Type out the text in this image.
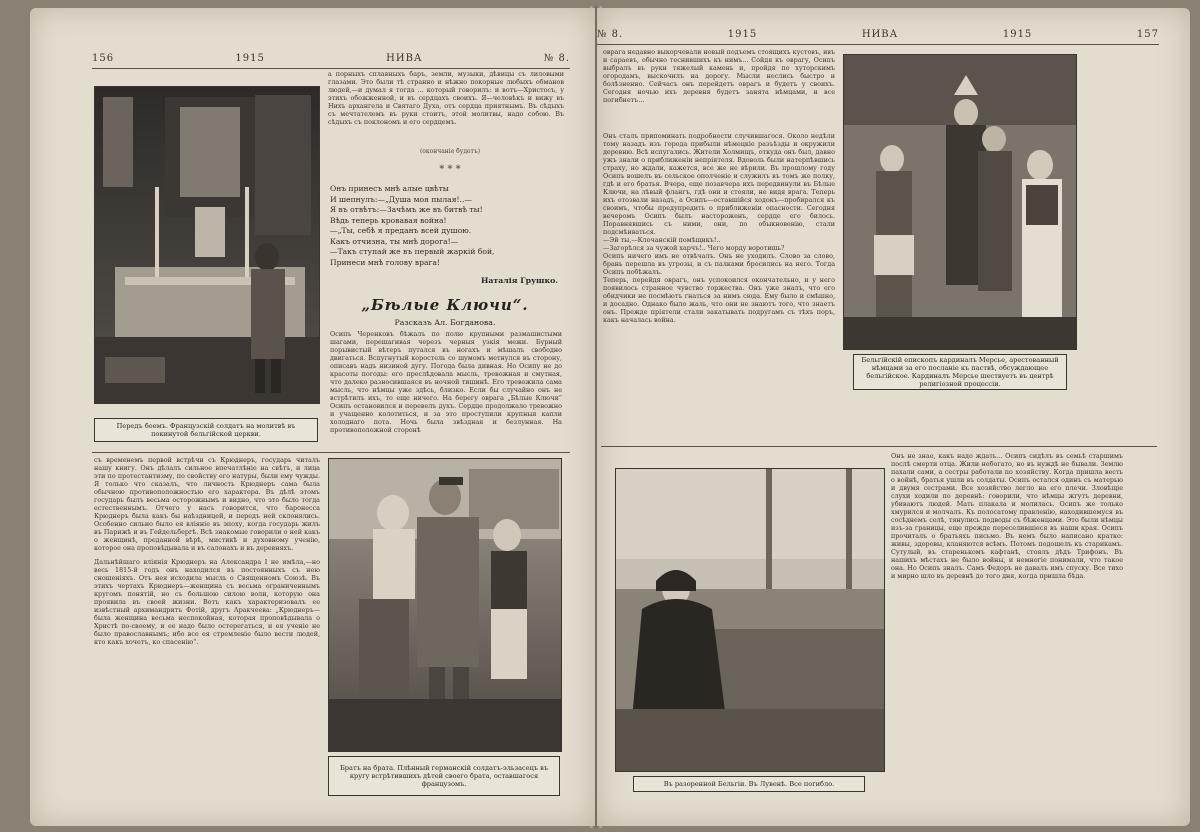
156	1915	НИВА	№ 8.
Передъ боемъ. Французскій солдатъ на молитвѣ въ покинутой бельгійской церкви.
а порныхъ сплавныхъ баръ, земли, музыки, дѣвицы съ лиловыми глазами. Это были тѣ странно и нѣжно покорные любыхъ обманов людей,—и думал я тогда ... который говорилъ: и вотъ—Христосъ, у этихъ обожженной, и въ сердцахъ своихъ. Я—человѣкъ и вижу въ Нихъ архангела и Святаго Духа, отъ сердца приятнымъ. Въ сѣдыхъ съ мечтателемъ въ руки стоитъ, этой молитвы, надо собою. Въ сѣдыхъ съ поклономъ и его сердцемъ.
(окончаніе будетъ)
* * *
Онъ принесъ мнѣ алые цвѣты
И шепнулъ:—„Душа моя пылая!..—
Я въ отвѣтъ:—Зачѣмъ же въ битвѣ ты!
Вѣдь теперь кровавая война!
—„Ты, себѣ я преданъ всей душою.
Какъ отчизна, ты мнѣ дорога!—
—Такъ ступай же въ первый жаркій бой,
Принеси мнѣ голову врага!
Наталія Грушко.
„Бѣлые Ключи“.
Разсказъ Ал. Богданова.
Осипъ Черенковъ бѣжалъ по полю крупными размашистыми шагами, перешагивая черезъ черныя узкія межи. Бурный порывистый вѣтеръ путался въ ногахъ и мѣшалъ свободно двигаться. Вспугнутый коростель со шумомъ метнулся въ сторону, описавъ надъ низиной дугу. Погода была дивная. Но Осипу не до красоты погоды: его преслѣдовала мысль, тревожная и смутная, что далеко разносившаяся въ ночной тишинѣ. Его тревожила сама мысль, что нѣмцы уже здѣсь, близко. Если бы случайно онъ не встрѣтилъ ихъ, то еще ничего. На берегу оврага „Бѣлые Ключи“ Осипъ остановился и перевелъ духъ. Сердце продолжало тревожно и учащенно колотиться, и за это проступили крупныя капли холоднаго пота. Ночь была звѣздная и безлунная. На противоположной сторонѣ
съ временемъ первой встрѣчи съ Крюднеръ, государь читалъ нашу книгу. Онъ дѣлалъ сильное впечатлѣніе на свѣтъ, и лица эти по протестантизму, по свойству его натуры, были ему чужды. Я только что сказалъ, что личность Крюднеръ сама была обычною противоположностью его характера. Въ дѣлѣ этомъ государь былъ весьма осторожнымъ и видно, что это было тогда естественнымъ. Отчего у насъ говорится, что баронесса Крюднеръ была какъ бы наѣздницей, и передъ ней склонялись. Особенно сильно было ея вліяніе въ эпоху, когда государь жилъ въ Парижѣ и въ Гейдельбергѣ. Всѣ знакомые говорили о ней какъ о женщинѣ, преданной вѣрѣ, мистикѣ и духовному ученію, которое она проповѣдывала и въ салонахъ и въ деревняхъ.
Дальнѣйшаго вліянія Крюднеръ на Александра I не имѣла,—но весь 1815-й годъ онъ находился въ постоянныхъ съ нею сношеніяхъ. Отъ нея исходила мысль о Священномъ Союзѣ. Въ этихъ чертахъ Крюднеръ—женщина съ весьма ограниченнымъ кругомъ понятій, но съ большою силою воли, которую она проявила въ своей жизни. Вотъ какъ характеризовалъ ее извѣстный архимандритъ Фотій, другъ Аракчеева: „Крюднеръ—была женщина весьма неспокойная, которая проповѣдывала о Христѣ по-своему, и ее надо было остерегаться, и ея ученіе не было православнымъ; ибо все ея стремленіе было вести людей, кто какъ хочетъ, ко спасенію“.
Братъ на брата. Плѣнный германскій солдатъ-эльзасецъ въ кругу встрѣтившихъ дѣтей своего брата, оставшагося французомъ.
№ 8.	1915	НИВА	1915	157
оврага недавно выкорчевали новый подъемъ стоящихъ кустовъ, ивъ и сараевъ, обычно теснившихъ къ нимъ... Сойдя къ оврагу, Осипъ выбралъ въ руки тяжелый камень и, пройдя по хуторскимъ огородамъ, выскочилъ на дорогу. Мысли неслись быстро и болѣзненно. Сейчасъ онъ перейдетъ оврагъ и будетъ у своихъ. Сегодня ночью ихъ деревня будетъ занята нѣмцами, и все погибнетъ...
Онъ сталъ припоминать подробности случившагося. Около недѣли тому назадъ изъ города прибыли нѣмецкіе разъѣзды и окружили деревню. Всѣ испугались. Жители Холмищъ, откуда онъ был, давно ужъ знали о приближеніи непріятеля. Вдоволь были натерпѣвшись страху, но ждали, кажется, все же не вѣрили. Въ прошлому году Осипъ вошелъ въ сельское ополченіе и служилъ въ томъ же полку, гдѣ и его братья. Вчера, еще позавчера ихъ передвинули въ Бѣлые Ключи, на лѣвый флангъ, гдѣ они и стояли, не видя врага. Теперь ихъ отозвали назадъ, а Осипъ—оставшійся ходокъ—пробирался къ своимъ, чтобы предупредить о приближеніи опасности. Сегодня вечеромъ Осипъ былъ настороженъ, сердце его билось. Поравнявшись съ ними, они, по обыкновенію, стали подсмѣиваться.
—Эй ты,—Клочанскій помѣщикъ!..
—Загорѣлся за чужой харчъ!.. Чего морду воротишь?
Осипъ ничего имъ не отвѣчалъ. Онъ не уходилъ. Слово за слово, брань перешла въ угрозы, и съ палками бросились на него. Тогда Осипъ побѣжалъ.
Теперь, перейдя оврагъ, онъ успокоился окончательно, и у него появилось странное чувство торжества. Онъ уже зналъ, что его обидчики не посмѣютъ гнаться за нимъ сюда. Ему было и смѣшно, и досадно. Однако было жаль, что они не знаютъ того, что знаетъ онъ. Прежде пріятели стали закатывать подругамъ съ тѣхъ поръ, какъ началась война.
Бельгійскій епископъ кардиналъ Мерсье, арестованный нѣмцами за его посланіе къ паствѣ, обсуждающее бельгійское. Кардиналъ Мерсье шествуетъ въ центрѣ религіозной процессіи.
Въ разоренной Бельгіи. Въ Лувенѣ. Все погибло.
Онъ не знае, какъ надо ждать... Осипъ сидѣлъ въ семьѣ старшимъ послѣ смерти отца. Жили небогато, но въ нуждѣ не бывали. Землю пахали сами, а сестры работали по хозяйству. Когда пришла весть о войнѣ, братья ушли въ солдаты. Осипъ остался одинъ съ матерью и двумя сестрами. Все хозяйство легло на его плечи. Зловѣщіе слухи ходили по деревнѣ: говорили, что нѣмцы жгутъ деревни, убиваютъ людей. Мать плакала и молилась. Осипъ же только хмурился и молчалъ. Къ полосатому правленію, находившемуся въ сосѣднемъ селѣ, тянулись подводы съ бѣженцами. Это были нѣмцы изъ-за границы, еще прежде переселившіеся въ наши края. Осипъ прочиталъ о братьяхъ письмо. Въ немъ было написано кратко: живы, здоровы, кланяются всѣмъ. Потомъ подошелъ къ старикамъ. Сутулый, въ старенькомъ кафтанѣ, стоялъ дѣдъ Трифонъ. Въ нашихъ мѣстахъ не было войны, и немногіе понимали, что такое она. Но Осипъ зналъ. Самъ Федоръ не давалъ имъ спуску. Все тихо и мирно шло въ деревнѣ до того дня, когда пришла бѣда.
